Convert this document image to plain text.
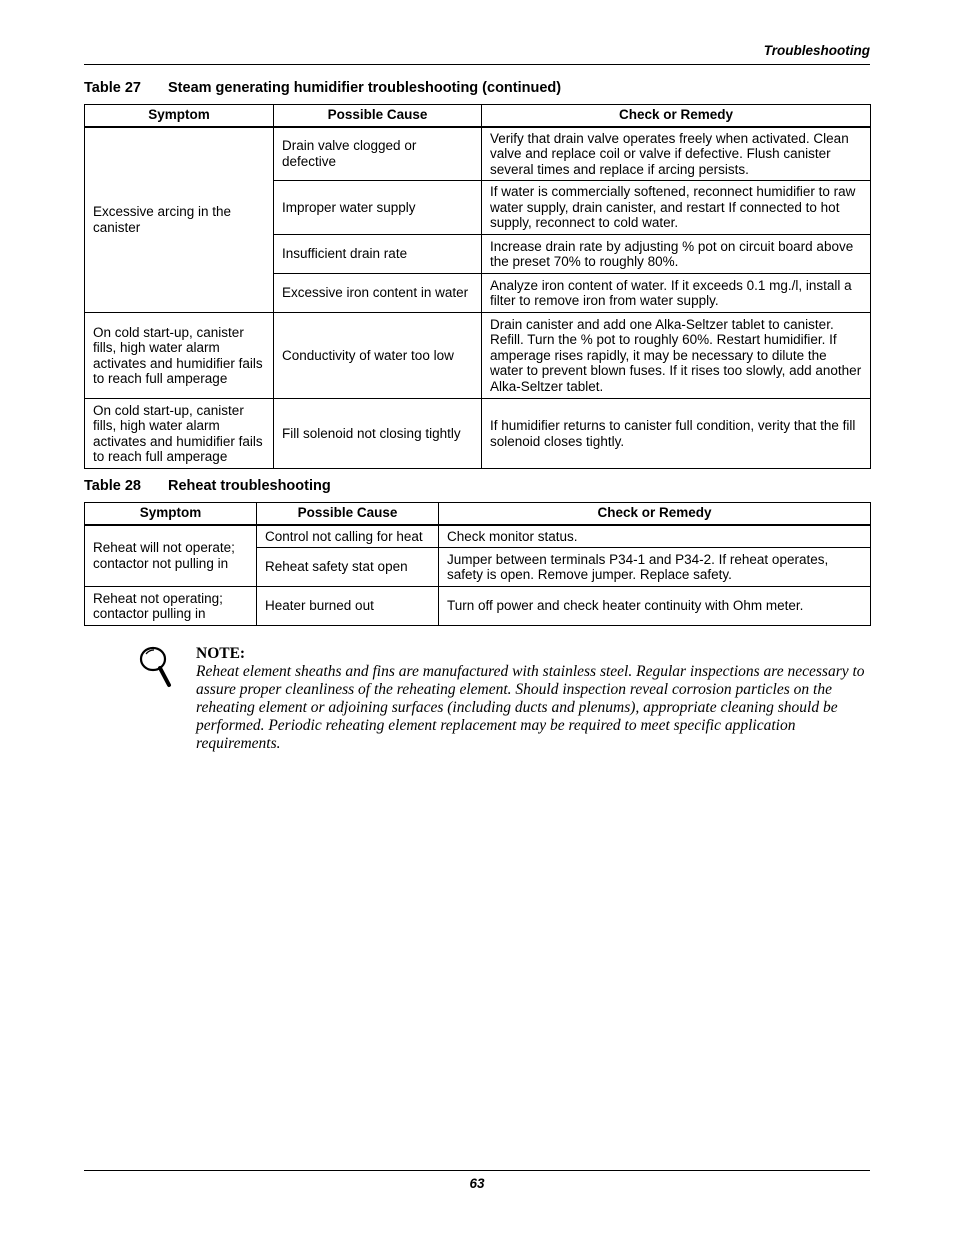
Troubleshooting
Table 27 Steam generating humidifier troubleshooting (continued)
Symptom	Possible Cause	Check or Remedy
Excessive arcing in the canister	Drain valve clogged or defective	Verify that drain valve operates freely when activated. Clean valve and replace coil or valve if defective. Flush canister several times and replace if arcing persists.
	Improper water supply	If water is commercially softened, reconnect humidifier to raw water supply, drain canister, and restart If connected to hot supply, reconnect to cold water.
	Insufficient drain rate	Increase drain rate by adjusting % pot on circuit board above the preset 70% to roughly 80%.
	Excessive iron content in water	Analyze iron content of water. If it exceeds 0.1 mg./l, install a filter to remove iron from water supply.
On cold start-up, canister fills, high water alarm activates and humidifier fails to reach full amperage	Conductivity of water too low	Drain canister and add one Alka-Seltzer tablet to canister. Refill. Turn the % pot to roughly 60%. Restart humidifier. If amperage rises rapidly, it may be necessary to dilute the water to prevent blown fuses. If it rises too slowly, add another Alka-Seltzer tablet.
On cold start-up, canister fills, high water alarm activates and humidifier fails to reach full amperage	Fill solenoid not closing tightly	If humidifier returns to canister full condition, verity that the fill solenoid closes tightly.
Table 28 Reheat troubleshooting
Symptom	Possible Cause	Check or Remedy
Reheat will not operate; contactor not pulling in	Control not calling for heat	Check monitor status.
	Reheat safety stat open	Jumper between terminals P34-1 and P34-2. If reheat operates, safety is open. Remove jumper. Replace safety.
Reheat not operating; contactor pulling in	Heater burned out	Turn off power and check heater continuity with Ohm meter.
NOTE:
Reheat element sheaths and fins are manufactured with stainless steel. Regular inspections are necessary to assure proper cleanliness of the reheating element. Should inspection reveal corrosion particles on the reheating element or adjoining surfaces (including ducts and plenums), appropriate cleaning should be performed. Periodic reheating element replacement may be required to meet specific application requirements.
63
